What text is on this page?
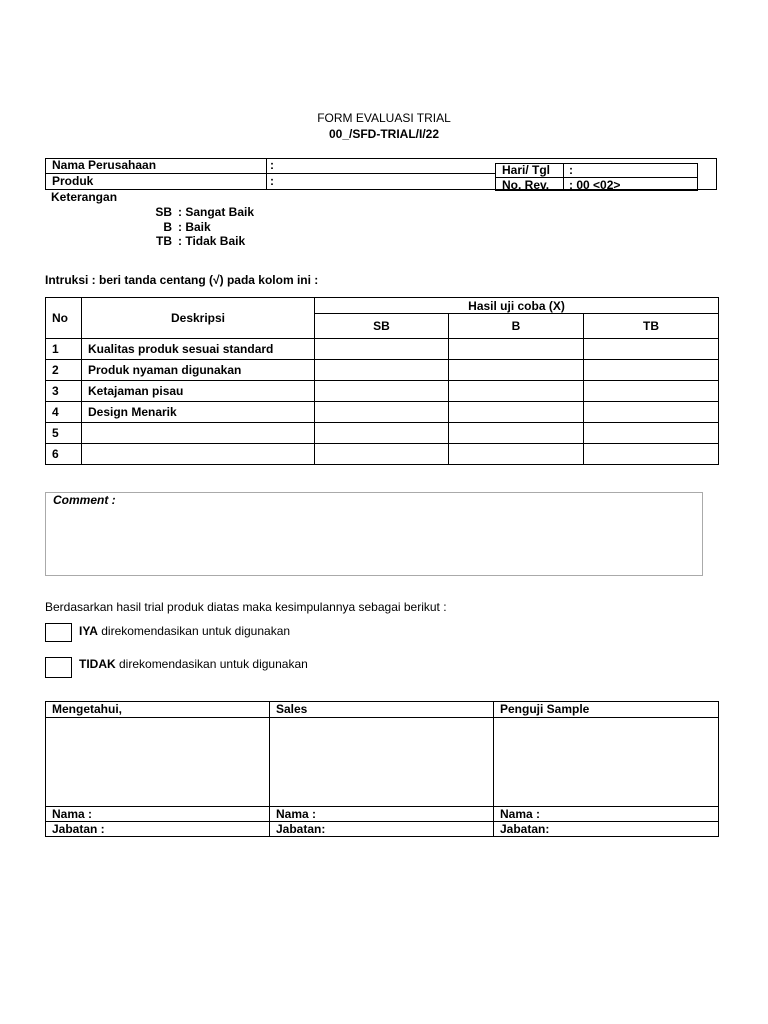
FORM EVALUASI TRIAL
00_/SFD-TRIAL/I/22
Nama Perusahaan	:
Produk	:
Hari/ Tgl :
No. Rev. : 00 <02>
Keterangan
SB : Sangat Baik
B : Baik
TB : Tidak Baik
Intruksi : beri tanda centang (√) pada kolom ini :
No	Deskripsi	Hasil uji coba (X)		
		SB	B	TB
1	Kualitas produk sesuai standard			
2	Produk nyaman digunakan			
3	Ketajaman pisau			
4	Design Menarik			
5				
6				
Comment :
Berdasarkan hasil trial produk diatas maka kesimpulannya sebagai berikut :
IYA direkomendasikan untuk digunakan
TIDAK direkomendasikan untuk digunakan
Mengetahui,	Sales	Penguji Sample

Nama :	Nama :	Nama :
Jabatan :	Jabatan:	Jabatan:
